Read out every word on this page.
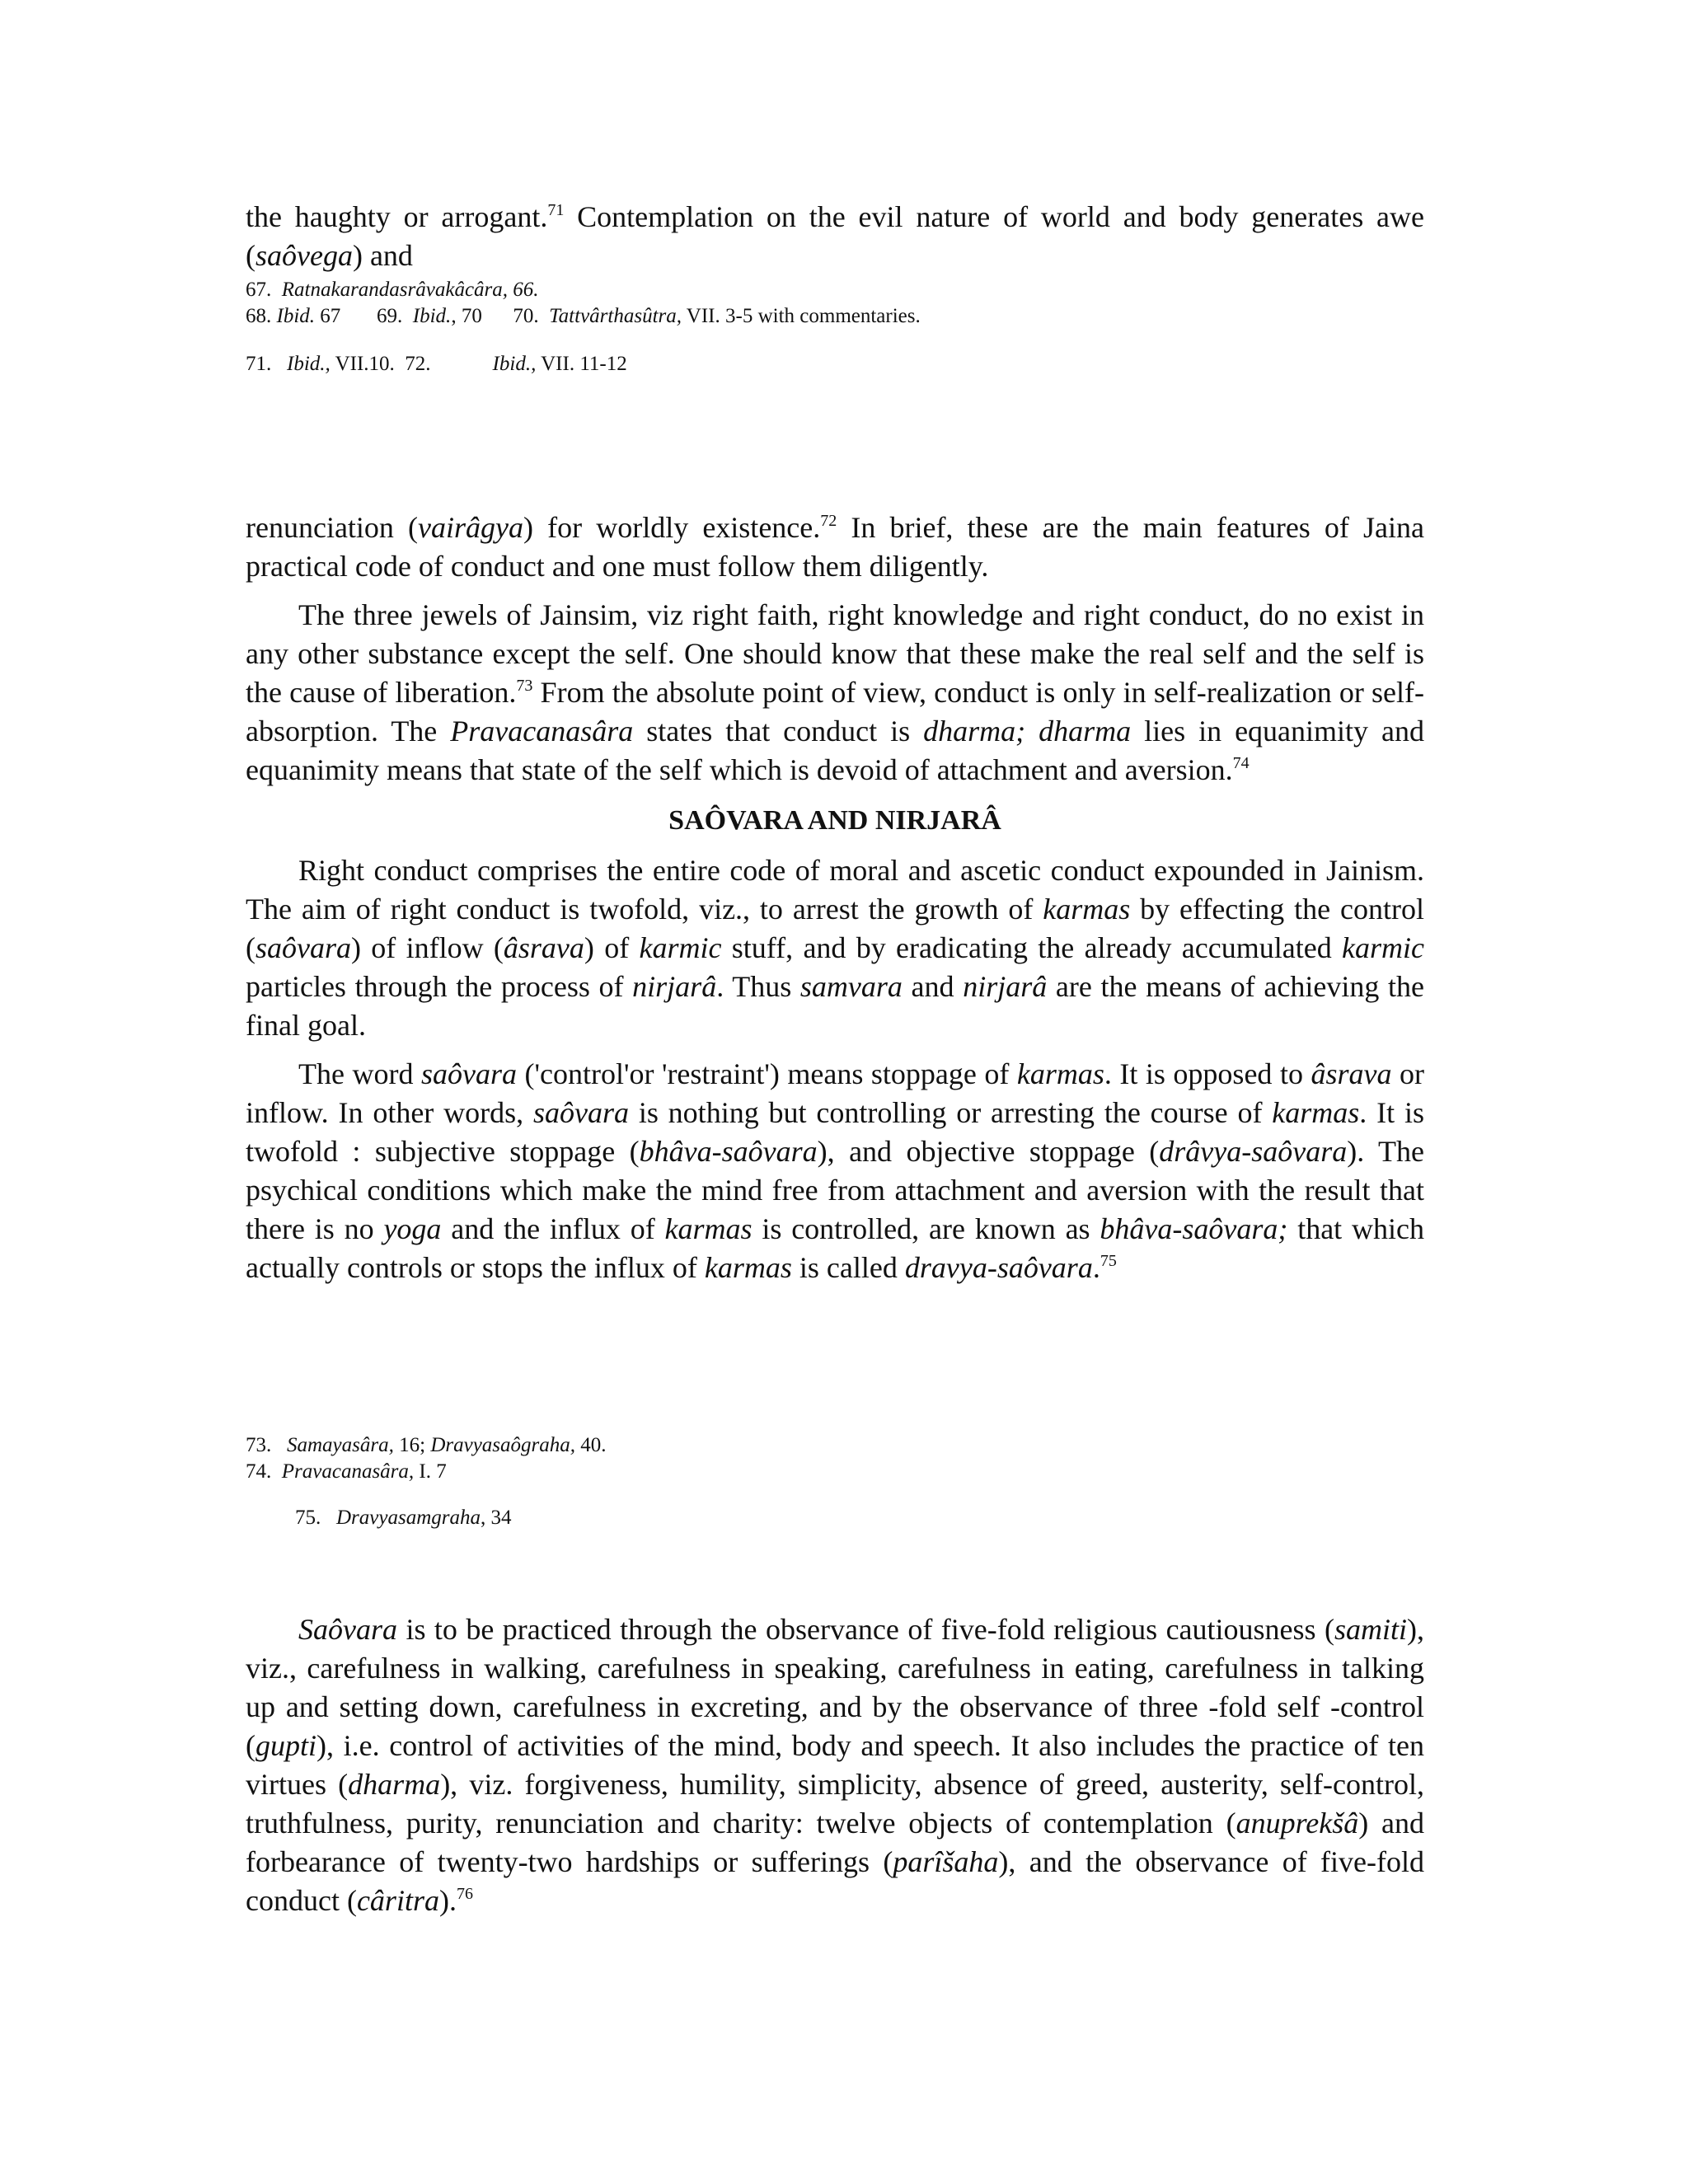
the haughty or arrogant.$^{71}$ Contemplation on the evil nature of world and body generates awe (saôvega) and

67.  Ratnakarandasrâvakâcâra, 66.
68. Ibid. 67       69.  Ibid., 70      70.  Tattvârthasûtra, VII. 3-5 with commentaries.
71.   Ibid., VII.10.  72.            Ibid., VII. 11-12

renunciation (vairâgya) for worldly existence.$^{72}$ In brief, these are the main features of Jaina practical code of conduct and one must follow them diligently.

The three jewels of Jainsim, viz right faith, right knowledge and right conduct, do no exist in any other substance except the self. One should know that these make the real self and the self is the cause of liberation.$^{73}$ From the absolute point of view, conduct is only in self-realization or self-absorption. The Pravacanasâra states that conduct is dharma; dharma lies in equanimity and equanimity means that state of the self which is devoid of attachment and aversion.$^{74}$

SAÔVARA AND NIRJARÂ

Right conduct comprises the entire code of moral and ascetic conduct expounded in Jainism. The aim of right conduct is twofold, viz., to arrest the growth of karmas by effecting the control (saôvara) of inflow (âsrava) of karmic stuff, and by eradicating the already accumulated karmic particles through the process of nirjarâ. Thus samvara and nirjarâ are the means of achieving the final goal.

The word saôvara ('control'or 'restraint') means stoppage of karmas. It is opposed to âsrava or inflow. In other words, saôvara is nothing but controlling or arresting the course of karmas. It is twofold : subjective stoppage (bhâva-saôvara), and objective stoppage (drâvya-saôvara). The psychical conditions which make the mind free from attachment and aversion with the result that there is no yoga and the influx of karmas is controlled, are known as bhâva-saôvara; that which actually controls or stops the influx of karmas is called dravya-saôvara.$^{75}$

73.   Samayasâra, 16; Dravyasaôgraha, 40.
74.  Pravacanasâra, I. 7
75.   Dravyasamgraha, 34

Saôvara is to be practiced through the observance of five-fold religious cautiousness (samiti), viz., carefulness in walking, carefulness in speaking, carefulness in eating, carefulness in talking up and setting down, carefulness in excreting, and by the observance of three -fold self -control (gupti), i.e. control of activities of the mind, body and speech. It also includes the practice of ten virtues (dharma), viz. forgiveness, humility, simplicity, absence of greed, austerity, self-control, truthfulness, purity, renunciation and charity: twelve objects of contemplation (anuprekšâ) and forbearance of twenty-two hardships or sufferings (parîšaha), and the observance of five-fold conduct (câritra).$^{76}$
